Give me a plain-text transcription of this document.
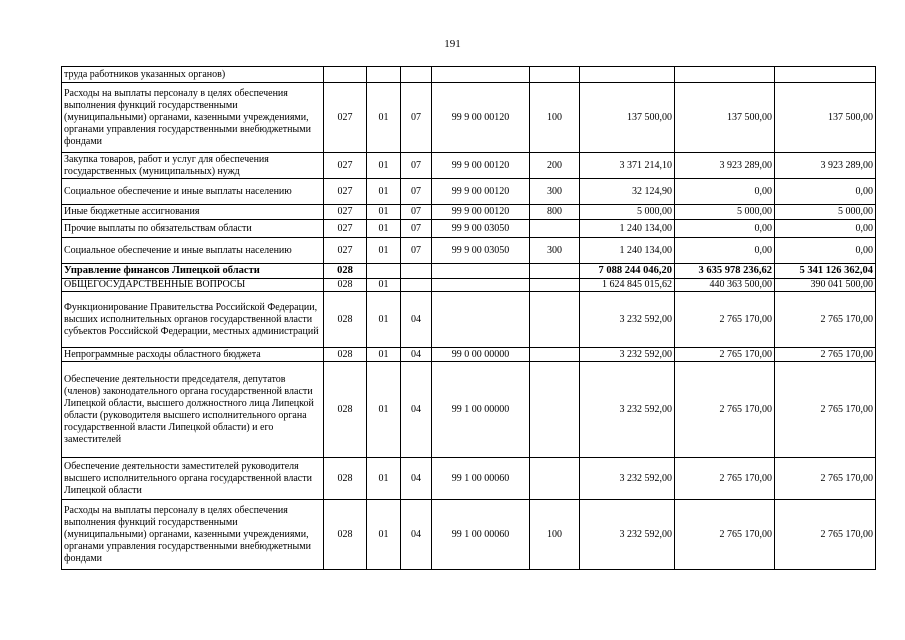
191
труда работников указанных органов)								
Расходы на выплаты персоналу в целях обеспечения выполнения функций государственными (муниципальными) органами, казенными учреждениями, органами управления государственными внебюджетными фондами	027	01	07	99 9 00 00120	100	137 500,00	137 500,00	137 500,00
Закупка товаров, работ и услуг для обеспечения государственных (муниципальных) нужд	027	01	07	99 9 00 00120	200	3 371 214,10	3 923 289,00	3 923 289,00
Социальное обеспечение и иные выплаты населению	027	01	07	99 9 00 00120	300	32 124,90	0,00	0,00
Иные бюджетные ассигнования	027	01	07	99 9 00 00120	800	5 000,00	5 000,00	5 000,00
Прочие выплаты по обязательствам области	027	01	07	99 9 00 03050		1 240 134,00	0,00	0,00
Социальное обеспечение и иные выплаты населению	027	01	07	99 9 00 03050	300	1 240 134,00	0,00	0,00
Управление финансов Липецкой области	028					7 088 244 046,20	3 635 978 236,62	5 341 126 362,04
ОБЩЕГОСУДАРСТВЕННЫЕ ВОПРОСЫ	028	01				1 624 845 015,62	440 363 500,00	390 041 500,00
Функционирование Правительства Российской Федерации, высших исполнительных органов государственной власти субъектов Российской Федерации, местных администраций	028	01	04			3 232 592,00	2 765 170,00	2 765 170,00
Непрограммные расходы областного бюджета	028	01	04	99 0 00 00000		3 232 592,00	2 765 170,00	2 765 170,00
Обеспечение деятельности председателя, депутатов (членов) законодательного органа государственной власти Липецкой области, высшего должностного лица Липецкой области (руководителя высшего исполнительного органа государственной власти Липецкой области) и его заместителей	028	01	04	99 1 00 00000		3 232 592,00	2 765 170,00	2 765 170,00
Обеспечение деятельности заместителей руководителя высшего исполнительного органа государственной власти Липецкой области	028	01	04	99 1 00 00060		3 232 592,00	2 765 170,00	2 765 170,00
Расходы на выплаты персоналу в целях обеспечения выполнения функций государственными (муниципальными) органами, казенными учреждениями, органами управления государственными внебюджетными фондами	028	01	04	99 1 00 00060	100	3 232 592,00	2 765 170,00	2 765 170,00
